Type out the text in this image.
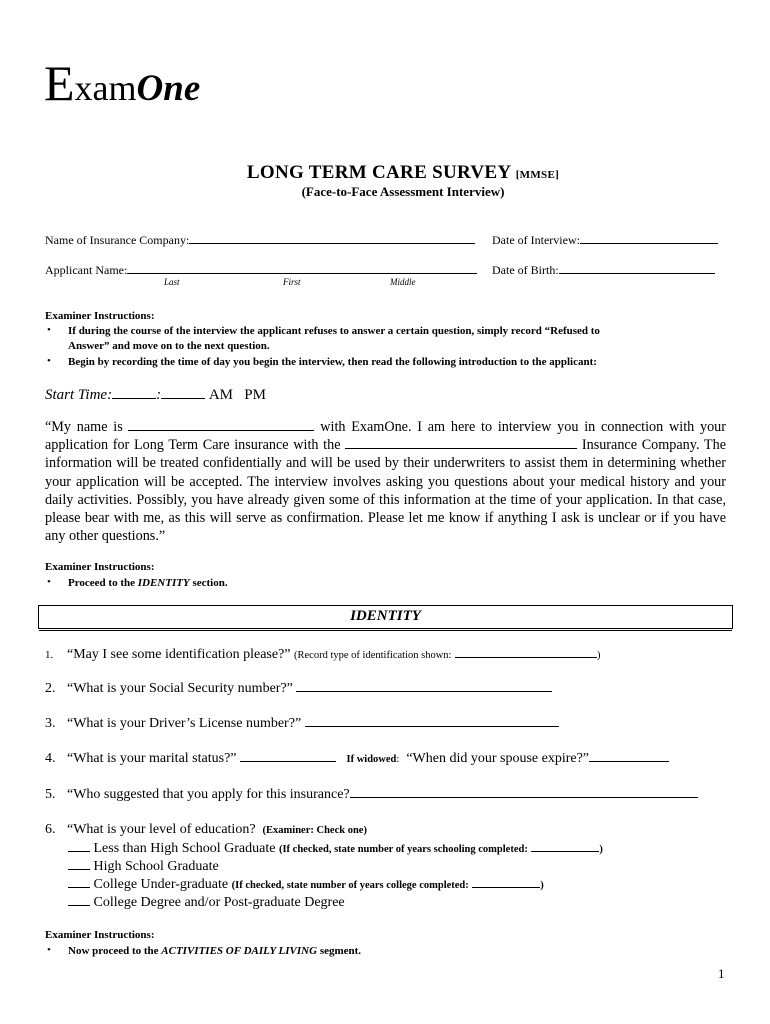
ExamOne
LONG TERM CARE SURVEY [MMSE]
(Face-to-Face Assessment Interview)
Name of Insurance Company:	Date of Interview:
Applicant Name:	Date of Birth:
Last	First	Middle
Examiner Instructions:
• If during the course of the interview the applicant refuses to answer a certain question, simply record “Refused to
Answer” and move on to the next question.
• Begin by recording the time of day you begin the interview, then read the following introduction to the applicant:
Start Time:	:	AM PM
“My name is	with ExamOne. I am here to interview you in connection with your application for Long Term Care insurance with the	Insurance Company. The information will be treated confidentially and will be used by their underwriters to assist them in determining whether your application will be accepted. The interview involves asking you questions about your medical history and your daily activities. Possibly, you have already given some of this information at the time of your application. In that case, please bear with me, as this will serve as confirmation. Please let me know if anything I ask is unclear or if you have any other questions.”
Examiner Instructions:
• Proceed to the IDENTITY section.
IDENTITY
1. “May I see some identification please?” (Record type of identification shown:	)
2. “What is your Social Security number?”
3. “What is your Driver’s License number?”
4. “What is your marital status?”	If widowed: “When did your spouse expire?”
5. “Who suggested that you apply for this insurance?
6. “What is your level of education? (Examiner: Check one)
Less than High School Graduate (If checked, state number of years schooling completed:	)
High School Graduate
College Under-graduate (If checked, state number of years college completed:	)
College Degree and/or Post-graduate Degree
Examiner Instructions:
• Now proceed to the ACTIVITIES OF DAILY LIVING segment.
1
